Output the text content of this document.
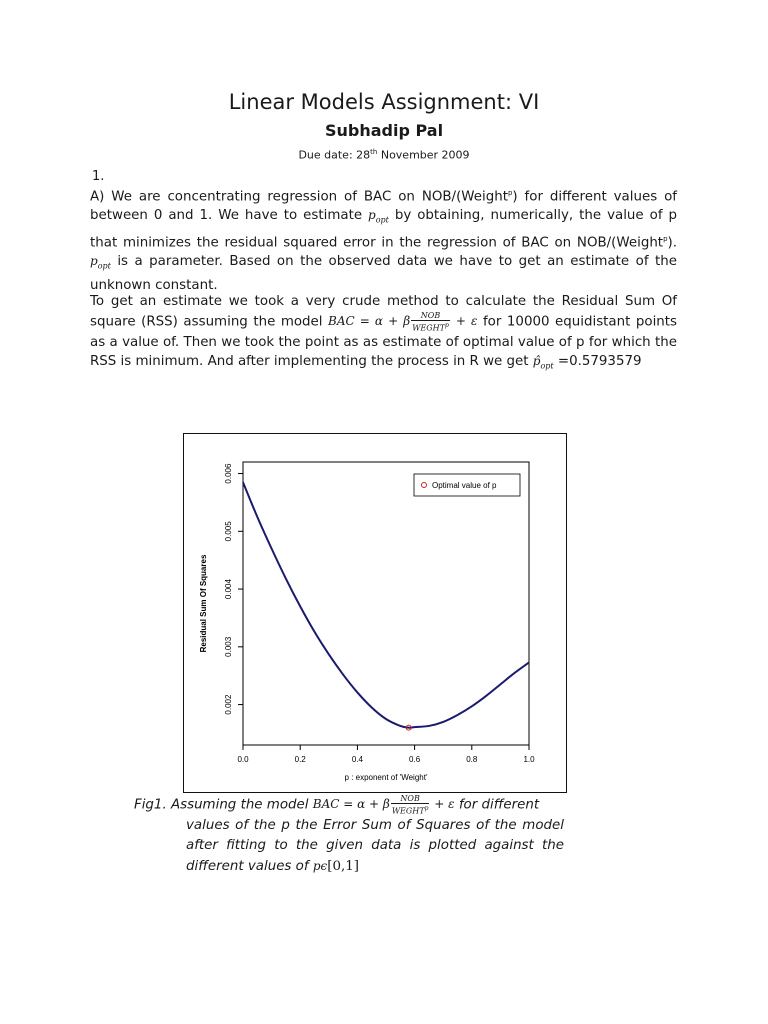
Linear Models Assignment: VI
Subhadip Pal
Due date: 28th November 2009
1.
A) We are concentrating regression of BAC on NOB/(Weight$^p$) for different values of between 0 and 1. We have to estimate $p_{opt}$ by obtaining, numerically, the value of p that minimizes the residual squared error in the regression of BAC on NOB/(Weight$^p$). $p_{opt}$ is a parameter. Based on the observed data we have to get an estimate of the unknown constant.
To get an estimate we took a very crude method to calculate the Residual Sum Of square (RSS) assuming the model BAC = α + β $\frac{\text{NOB}}{WEGHT^p} + \varepsilon$ for 10000 equidistant points as a value of. Then we took the point as as estimate of optimal value of p for which the RSS is minimum. And after implementing the process in R we get $p̂_{opt} =0.5793579$
0.0	0.2	0.4	0.6	0.8	1.0
0.002
0.003
0.004
0.005
0.006
p : exponent of 'Weight'
Residual Sum Of Squares
Optimal value of p
Fig1. Assuming the model BAC = α + β $\frac{\text{NOB}}{WEGHT^p} + \varepsilon$ for different
values of the p the Error Sum of Squares of the model after fitting to the given data is plotted against the different values of pϵ[0,1]
